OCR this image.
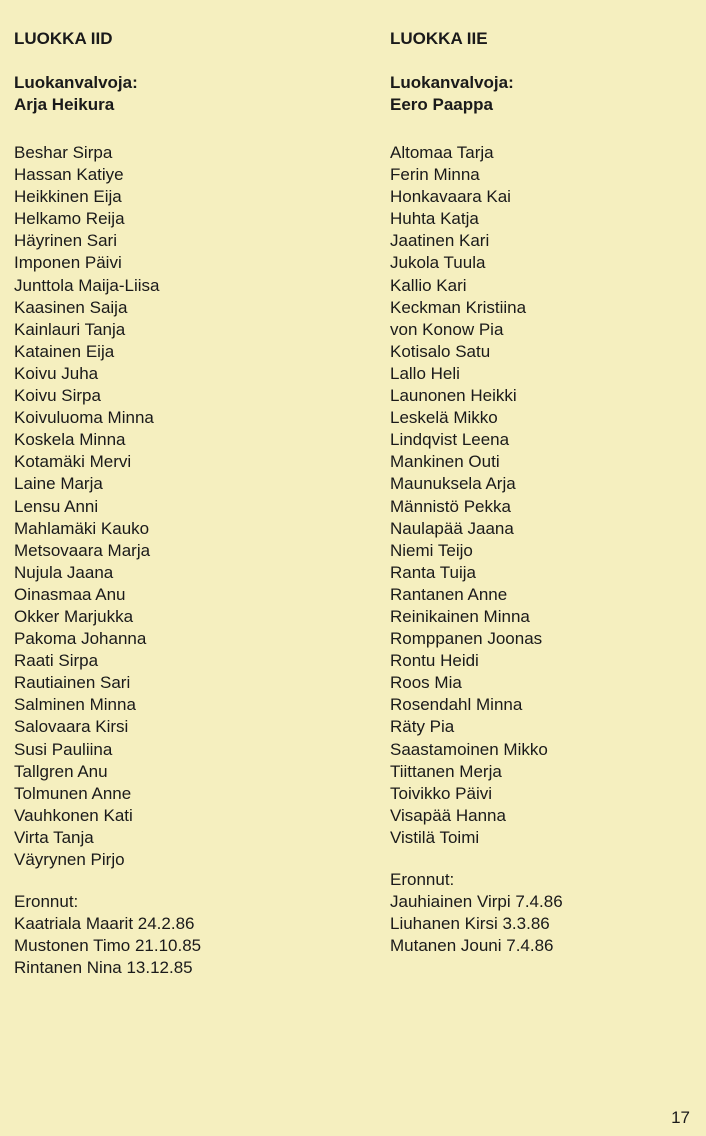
LUOKKA IID
Luokanvalvoja:
Arja Heikura
Beshar Sirpa
Hassan Katiye
Heikkinen Eija
Helkamo Reija
Häyrinen Sari
Imponen Päivi
Junttola Maija-Liisa
Kaasinen Saija
Kainlauri Tanja
Katainen Eija
Koivu Juha
Koivu Sirpa
Koivuluoma Minna
Koskela Minna
Kotamäki Mervi
Laine Marja
Lensu Anni
Mahlamäki Kauko
Metsovaara Marja
Nujula Jaana
Oinasmaa Anu
Okker Marjukka
Pakoma Johanna
Raati Sirpa
Rautiainen Sari
Salminen Minna
Salovaara Kirsi
Susi Pauliina
Tallgren Anu
Tolmunen Anne
Vauhkonen Kati
Virta Tanja
Väyrynen Pirjo
Eronnut:
Kaatriala Maarit 24.2.86
Mustonen Timo 21.10.85
Rintanen Nina 13.12.85
LUOKKA IIE
Luokanvalvoja:
Eero Paappa
Altomaa Tarja
Ferin Minna
Honkavaara Kai
Huhta Katja
Jaatinen Kari
Jukola Tuula
Kallio Kari
Keckman Kristiina
von Konow Pia
Kotisalo Satu
Lallo Heli
Launonen Heikki
Leskelä Mikko
Lindqvist Leena
Mankinen Outi
Maunuksela Arja
Männistö Pekka
Naulapää Jaana
Niemi Teijo
Ranta Tuija
Rantanen Anne
Reinikainen Minna
Romppanen Joonas
Rontu Heidi
Roos Mia
Rosendahl Minna
Räty Pia
Saastamoinen Mikko
Tiittanen Merja
Toivikko Päivi
Visapää Hanna
Vistilä Toimi
Eronnut:
Jauhiainen Virpi 7.4.86
Liuhanen Kirsi 3.3.86
Mutanen Jouni 7.4.86
17
